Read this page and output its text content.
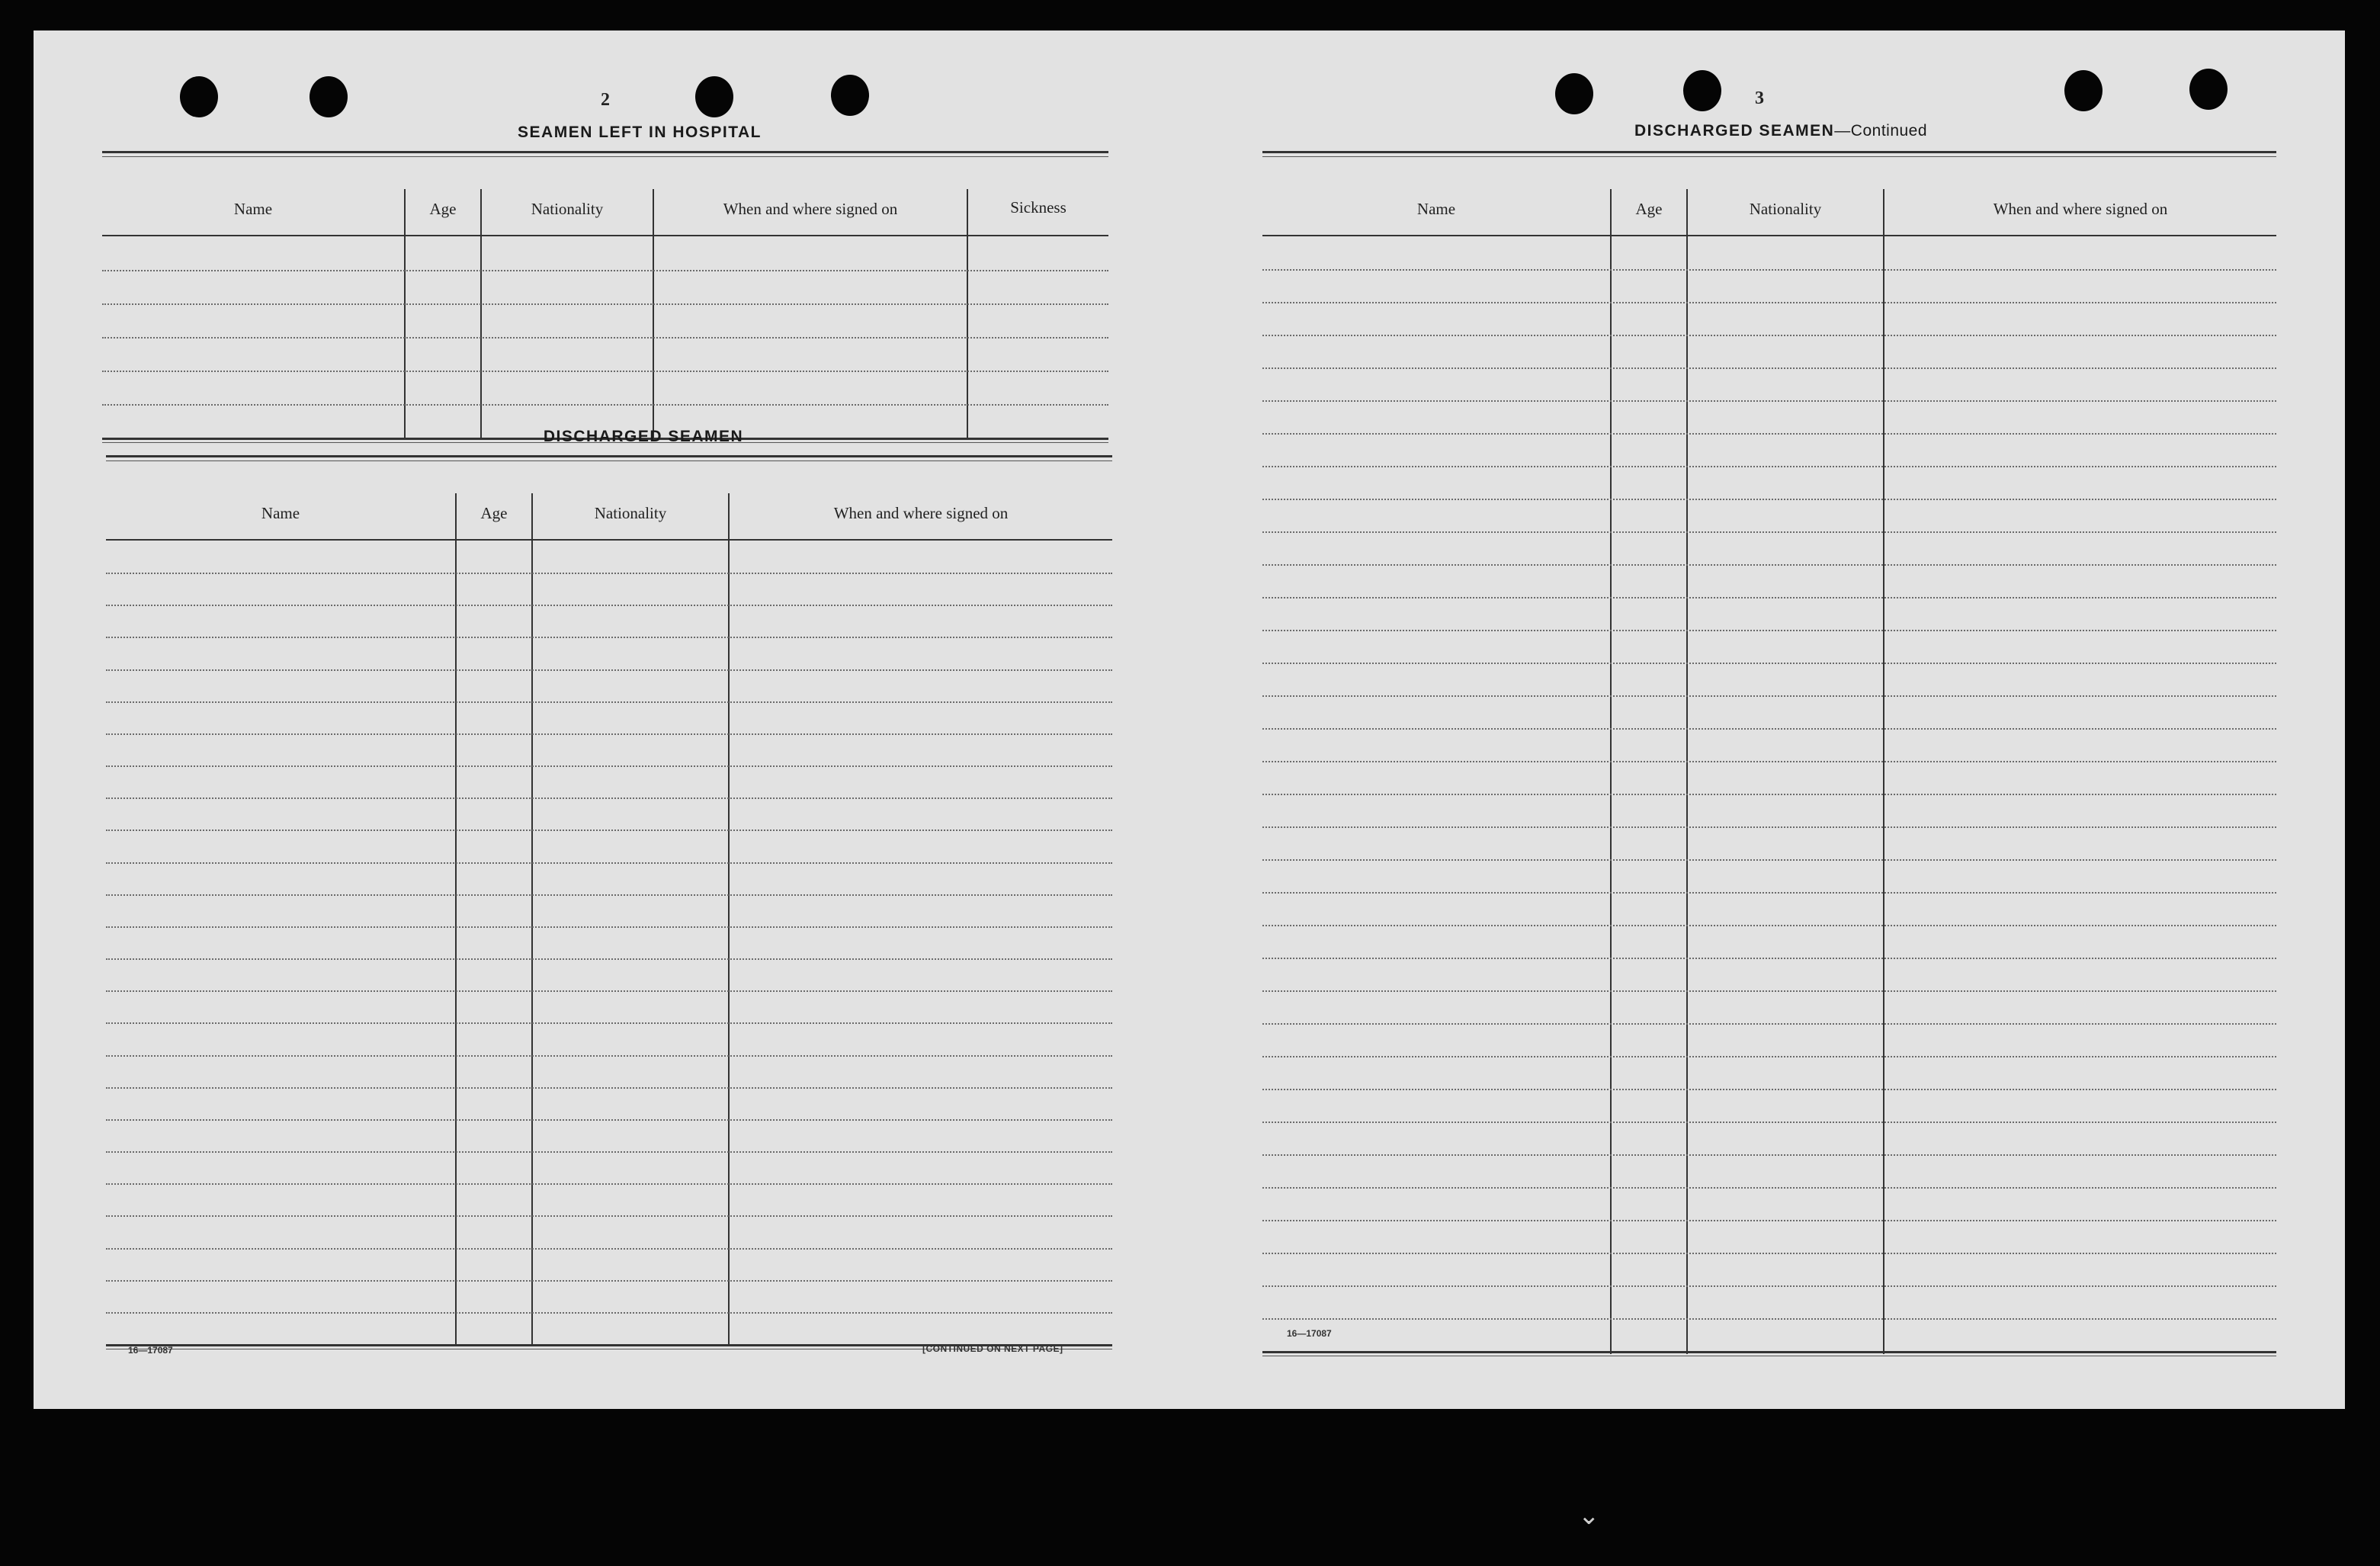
2
SEAMEN LEFT IN HOSPITAL
Name	Age	Nationality	When and where signed on	Sickness
DISCHARGED SEAMEN
Name	Age	Nationality	When and where signed on
16—17087	[CONTINUED ON NEXT PAGE]
3
DISCHARGED SEAMEN—Continued
Name	Age	Nationality	When and where signed on
16—17087
⌄
